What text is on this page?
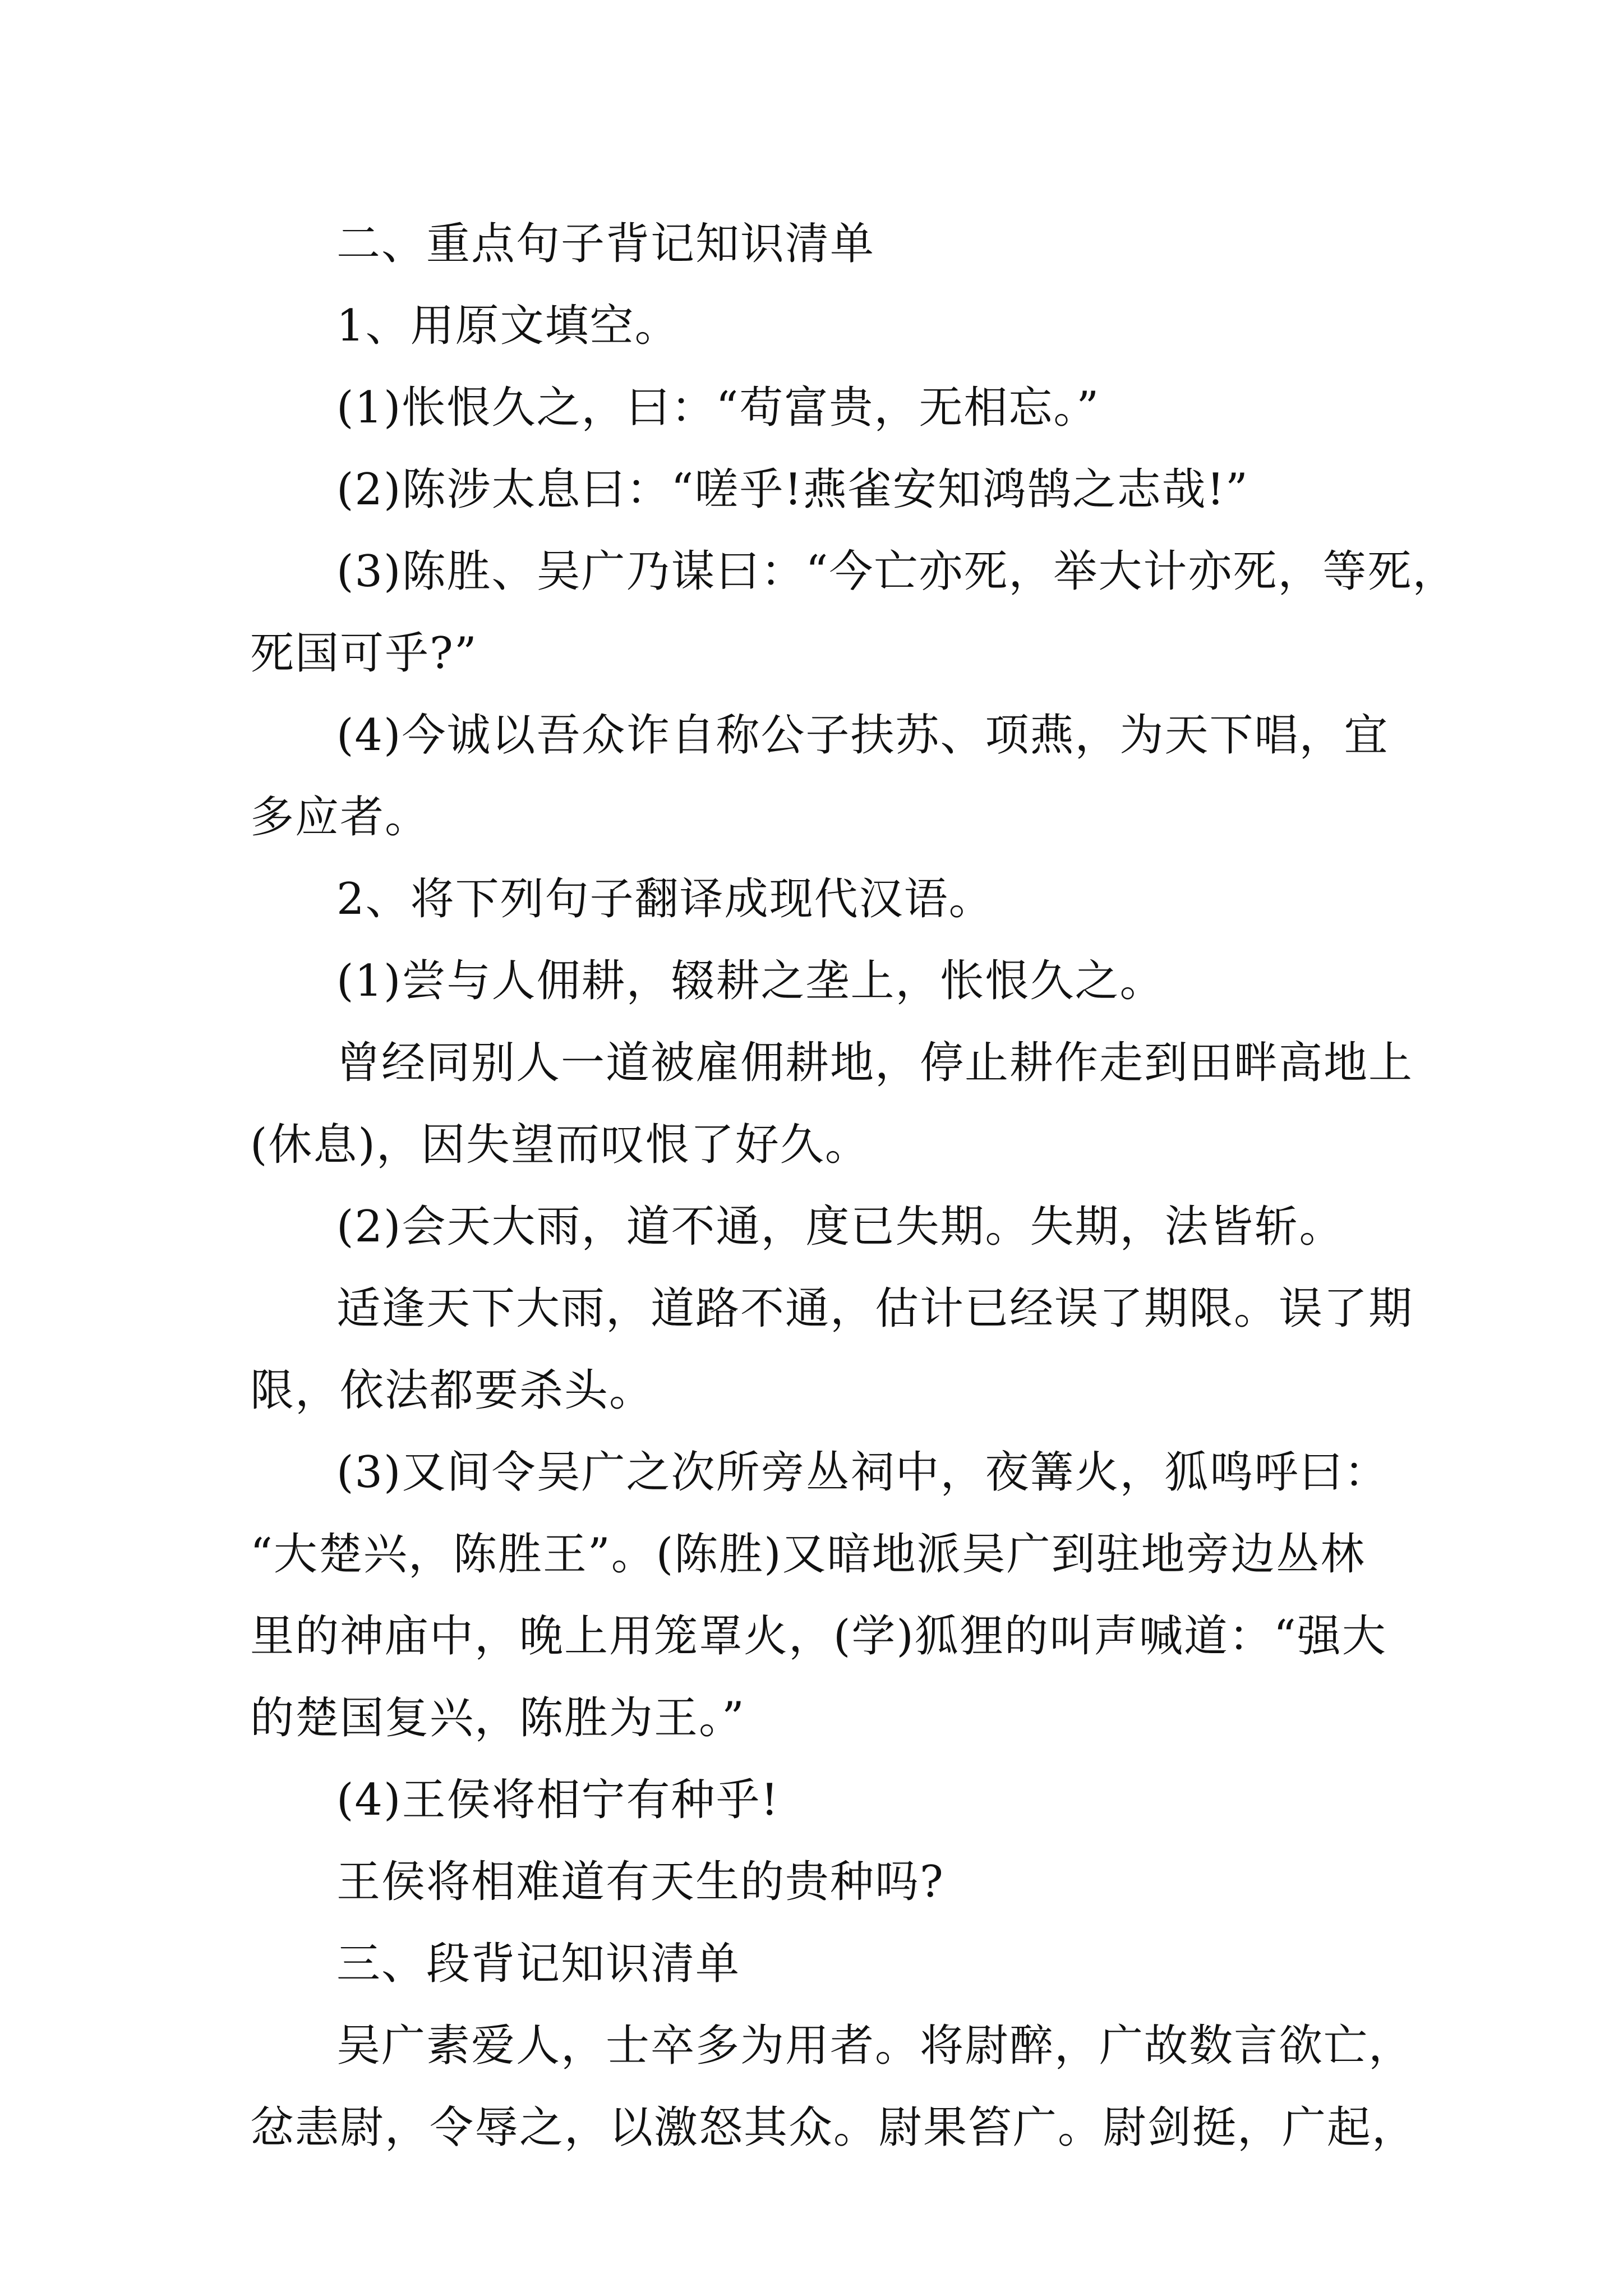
二、重点句子背记知识清单
1、用原文填空。
(1)怅恨久之，曰：“苟富贵，无相忘。”
(2)陈涉太息曰：“嗟乎!燕雀安知鸿鹄之志哉!”
(3)陈胜、吴广乃谋曰：“今亡亦死，举大计亦死，等死，
死国可乎?”
(4)今诚以吾众诈自称公子扶苏、项燕，为天下唱，宜
多应者。
2、将下列句子翻译成现代汉语。
(1)尝与人佣耕，辍耕之垄上，怅恨久之。
曾经同别人一道被雇佣耕地，停止耕作走到田畔高地上
(休息)，因失望而叹恨了好久。
(2)会天大雨，道不通，度已失期。失期，法皆斩。
适逢天下大雨，道路不通，估计已经误了期限。误了期
限，依法都要杀头。
(3)又间令吴广之次所旁丛祠中，夜篝火，狐鸣呼曰：
“大楚兴，陈胜王”。(陈胜)又暗地派吴广到驻地旁边丛林
里的神庙中，晚上用笼罩火，(学)狐狸的叫声喊道：“强大
的楚国复兴，陈胜为王。”
(4)王侯将相宁有种乎!
王侯将相难道有天生的贵种吗?
三、段背记知识清单
吴广素爱人，士卒多为用者。将尉醉，广故数言欲亡，
忿恚尉，令辱之，以激怒其众。尉果笞广。尉剑挺，广起，
